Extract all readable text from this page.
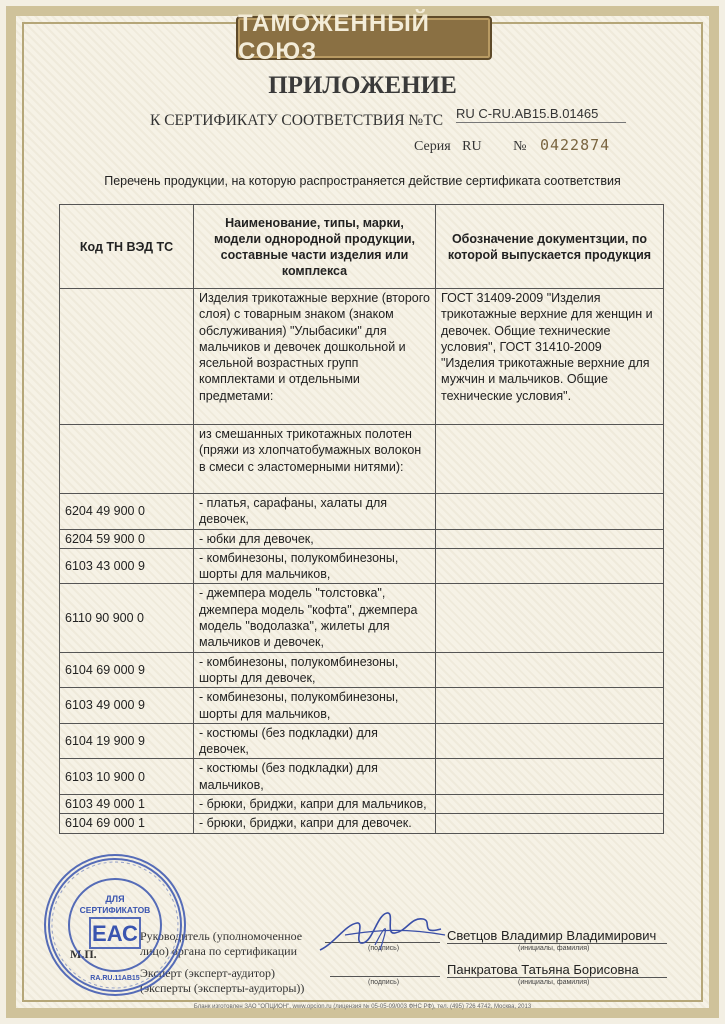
ТАМОЖЕННЫЙ СОЮЗ
ПРИЛОЖЕНИЕ
К СЕРТИФИКАТУ СООТВЕТСТВИЯ №ТС RU C-RU.AB15.B.01465
Серия RU № 0422874
Перечень продукции, на которую распространяется действие сертификата соответствия
Код ТН ВЭД ТС	Наименование, типы, марки, модели однородной продукции, составные части изделия или комплекса	Обозначение документзции, по которой выпускается продукция
	Изделия трикотажные верхние (второго слоя) с товарным знаком (знаком обслуживания) "Улыбасики" для мальчиков и девочек дошкольной и ясельной возрастных групп комплектами и отдельными предметами:	ГОСТ 31409-2009 "Изделия трикотажные верхние для женщин и девочек. Общие технические условия", ГОСТ 31410-2009 "Изделия трикотажные верхние для мужчин и мальчиков. Общие технические условия".
	из смешанных трикотажных полотен (пряжи из хлопчатобумажных волокон в смеси с эластомерными нитями):	
6204 49 900 0	- платья, сарафаны, халаты для девочек,	
6204 59 900 0	- юбки для девочек,	
6103 43 000 9	- комбинезоны, полукомбинезоны, шорты для мальчиков,	
6110 90 900 0	- джемпера модель "толстовка", джемпера модель "кофта", джемпера модель "водолазка", жилеты для мальчиков и девочек,	
6104 69 000 9	- комбинезоны, полукомбинезоны, шорты для девочек,	
6103 49 000 9	- комбинезоны, полукомбинезоны, шорты для мальчиков,	
6104 19 900 9	- костюмы (без подкладки) для девочек,	
6103 10 900 0	- костюмы (без подкладки) для мальчиков,	
6103 49 000 1	- брюки, бриджи, капри для мальчиков,	
6104 69 000 1	- брюки, бриджи, капри для девочек.	
Руководитель (уполномоченное
лицо) органа по сертификации
М.П.
Эксперт (эксперт-аудитор)
(эксперты (эксперты-аудиторы))
(подпись)
(подпись)
Светцов Владимир Владимирович
(инициалы, фамилия)
Панкратова Татьяна Борисовна
(инициалы, фамилия)
Бланк изготовлен ЗАО "ОПЦИОН", www.opcion.ru (лицензия № 05-05-09/003 ФНС РФ), тел. (495) 726 4742, Москва, 2013
ДЛЯ
СЕРТИФИКАТОВ
ЕАС
RA.RU.11AB15
